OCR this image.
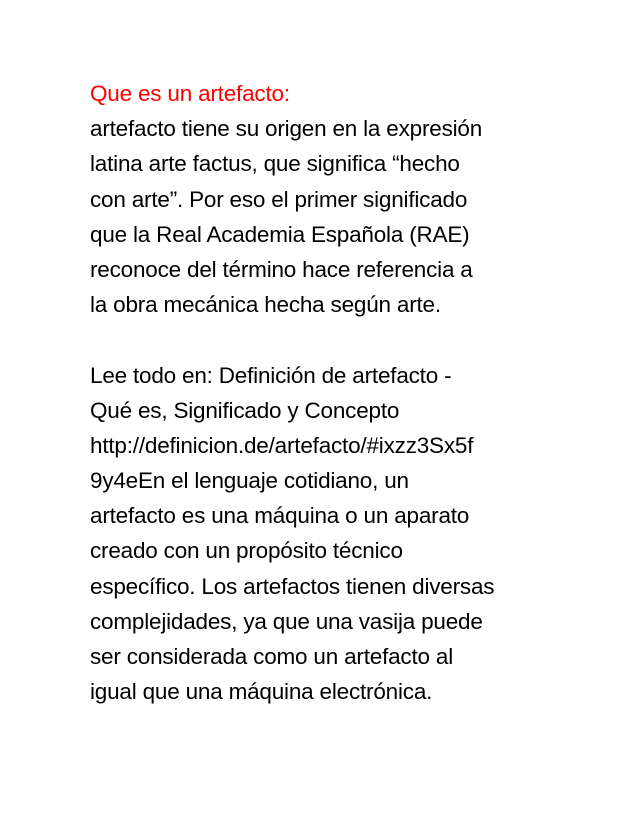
Que es un artefacto:
artefacto tiene su origen en la expresión
latina arte factus, que significa “hecho
con arte”. Por eso el primer significado
que la Real Academia Española (RAE)
reconoce del término hace referencia a
la obra mecánica hecha según arte.
Lee todo en: Definición de artefacto -
Qué es, Significado y Concepto
http://definicion.de/artefacto/#ixzz3Sx5f
9y4eEn el lenguaje cotidiano, un
artefacto es una máquina o un aparato
creado con un propósito técnico
específico. Los artefactos tienen diversas
complejidades, ya que una vasija puede
ser considerada como un artefacto al
igual que una máquina electrónica.
